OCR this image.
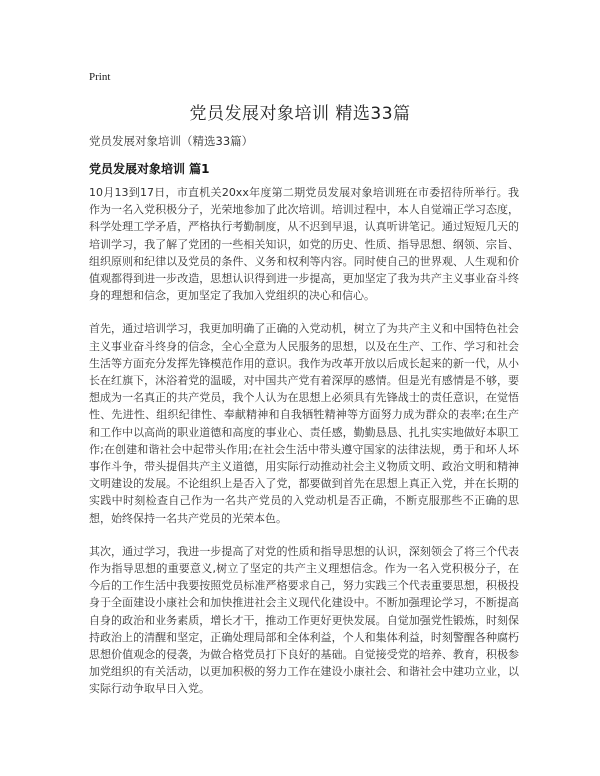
Print
党员发展对象培训 精选33篇

党员发展对象培训（精选33篇）

党员发展对象培训 篇1

10月13到17日，市直机关20xx年度第二期党员发展对象培训班在市委招待所举行。我作为一名入党积极分子，光荣地参加了此次培训。培训过程中，本人自觉端正学习态度，科学处理工学矛盾，严格执行考勤制度，从不迟到早退，认真听讲笔记。通过短短几天的培训学习，我了解了党团的一些相关知识，如党的历史、性质、指导思想、纲领、宗旨、组织原则和纪律以及党员的条件、义务和权利等内容。同时使自己的世界观、人生观和价值观都得到进一步改造，思想认识得到进一步提高，更加坚定了我为共产主义事业奋斗终身的理想和信念，更加坚定了我加入党组织的决心和信心。

首先，通过培训学习，我更加明确了正确的入党动机，树立了为共产主义和中国特色社会主义事业奋斗终身的信念，全心全意为人民服务的思想，以及在生产、工作、学习和社会生活等方面充分发挥先锋模范作用的意识。我作为改革开放以后成长起来的新一代，从小长在红旗下，沐浴着党的温暖，对中国共产党有着深厚的感情。但是光有感情是不够，要想成为一名真正的共产党员，我个人认为在思想上必须具有先锋战士的责任意识，在觉悟性、先进性、组织纪律性、奉献精神和自我牺牲精神等方面努力成为群众的表率;在生产和工作中以高尚的职业道德和高度的事业心、责任感，勤勤恳恳、扎扎实实地做好本职工作;在创建和谐社会中起带头作用;在社会生活中带头遵守国家的法律法规，勇于和坏人坏事作斗争，带头提倡共产主义道德，用实际行动推动社会主义物质文明、政治文明和精神文明建设的发展。不论组织上是否入了党，都要做到首先在思想上真正入党，并在长期的实践中时刻检查自己作为一名共产党员的入党动机是否正确，不断克服那些不正确的思想，始终保持一名共产党员的光荣本色。

其次，通过学习，我进一步提高了对党的性质和指导思想的认识，深刻领会了将三个代表作为指导思想的重要意义,树立了坚定的共产主义理想信念。作为一名入党积极分子，在今后的工作生活中我要按照党员标准严格要求自己，努力实践三个代表重要思想，积极投身于全面建设小康社会和加快推进社会主义现代化建设中。不断加强理论学习，不断提高自身的政治和业务素质，增长才干，推动工作更好更快发展。自觉加强党性锻炼，时刻保持政治上的清醒和坚定，正确处理局部和全体利益，个人和集体利益，时刻警醒各种腐朽思想价值观念的侵袭，为做合格党员打下良好的基础。自觉接受党的培养、教育，积极参加党组织的有关活动，以更加积极的努力工作在建设小康社会、和谐社会中建功立业，以实际行动争取早日入党。
